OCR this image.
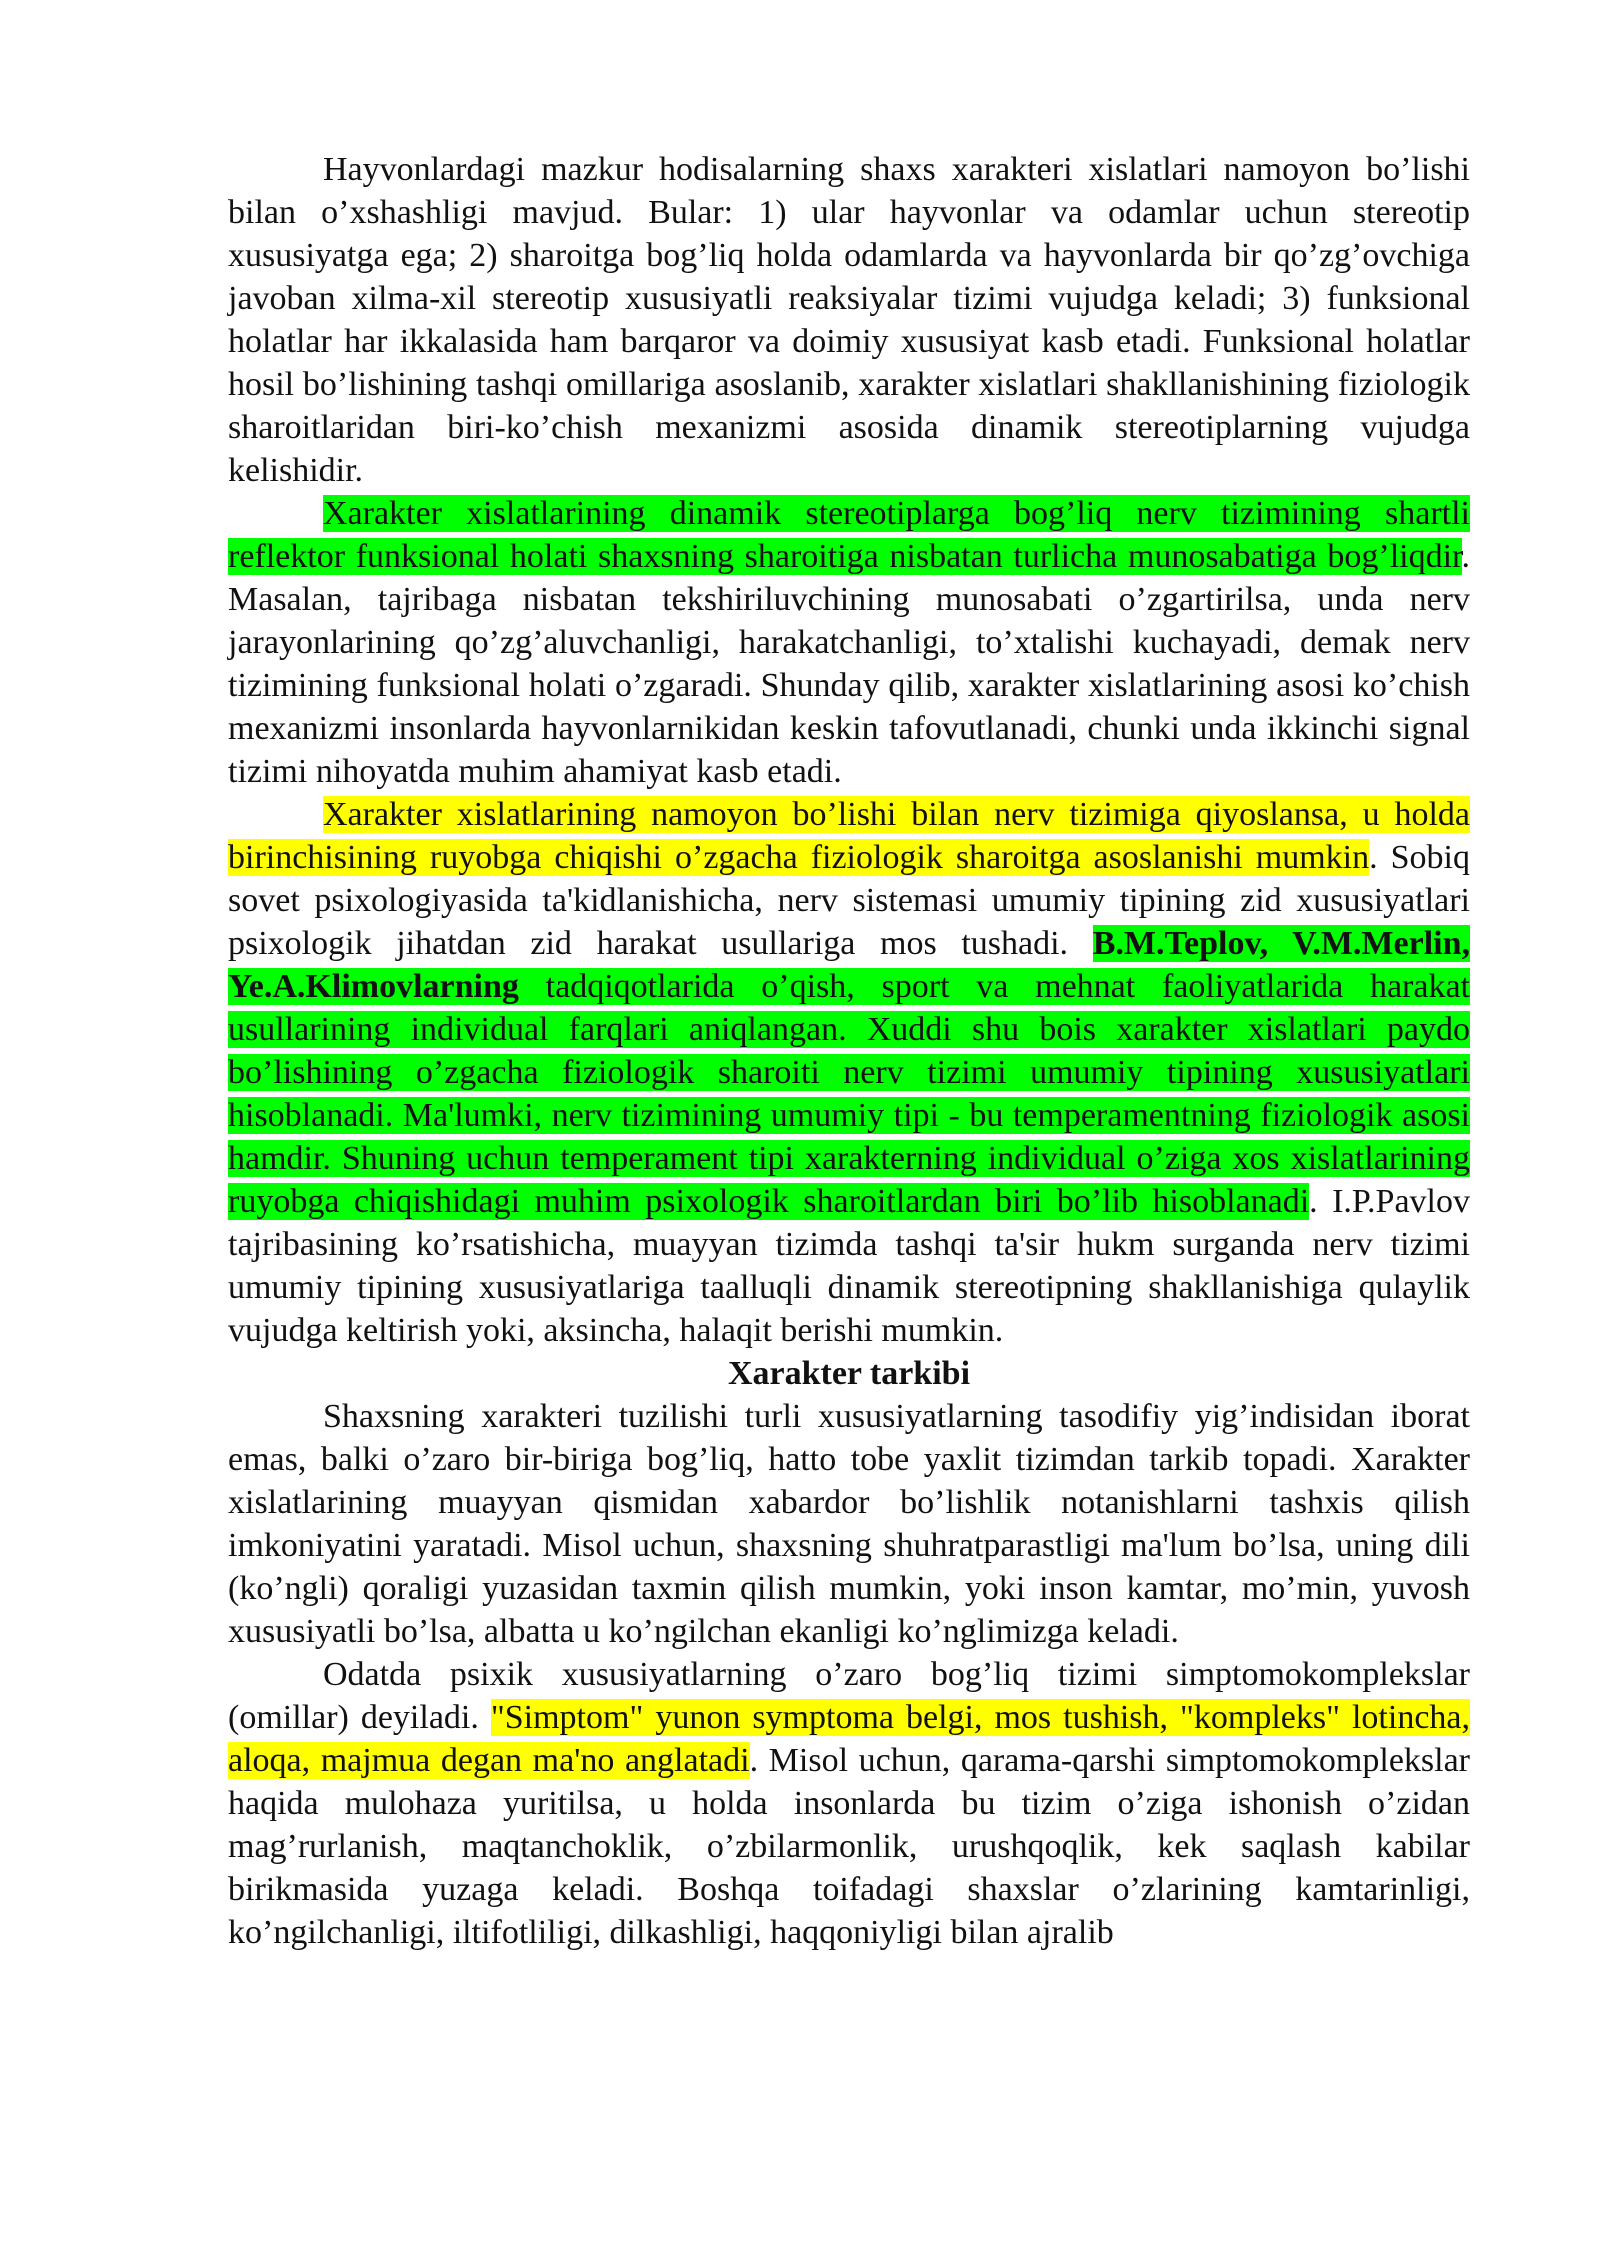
Hayvonlardagi mazkur hodisalarning shaxs xarakteri xislatlari namoyon bo’lishi bilan o’xshashligi mavjud. Bular: 1) ular hayvonlar va odamlar uchun stereotip xususiyatga ega; 2) sharoitga bog’liq holda odamlarda va hayvonlarda bir qo’zg’ovchiga javoban xilma-xil stereotip xususiyatli reaksiyalar tizimi vujudga keladi; 3) funksional holatlar har ikkalasida ham barqaror va doimiy xususiyat kasb etadi. Funksional holatlar hosil bo’lishining tashqi omillariga asoslanib, xarakter xislatlari shakllanishining fiziologik sharoitlaridan biri-ko’chish mexanizmi asosida dinamik stereotiplarning vujudga kelishidir.

Xarakter xislatlarining dinamik stereotiplarga bog’liq nerv tizimining shartli reflektor funksional holati shaxsning sharoitiga nisbatan turlicha munosabatiga bog’liqdir. Masalan, tajribaga nisbatan tekshiriluvchining munosabati o’zgartirilsa, unda nerv jarayonlarining qo’zg’aluvchanligi, harakatchanligi, to’xtalishi kuchayadi, demak nerv tizimining funksional holati o’zgaradi. Shunday qilib, xarakter xislatlarining asosi ko’chish mexanizmi insonlarda hayvonlarnikidan keskin tafovutlanadi, chunki unda ikkinchi signal tizimi nihoyatda muhim ahamiyat kasb etadi.

Xarakter xislatlarining namoyon bo’lishi bilan nerv tizimiga qiyoslansa, u holda birinchisining ruyobga chiqishi o’zgacha fiziologik sharoitga asoslanishi mumkin. Sobiq sovet psixologiyasida ta'kidlanishicha, nerv sistemasi umumiy tipining zid xususiyatlari psixologik jihatdan zid harakat usullariga mos tushadi. B.M.Teplov, V.M.Merlin, Ye.A.Klimovlarning tadqiqotlarida o’qish, sport va mehnat faoliyatlarida harakat usullarining individual farqlari aniqlangan. Xuddi shu bois xarakter xislatlari paydo bo’lishining o’zgacha fiziologik sharoiti nerv tizimi umumiy tipining xususiyatlari hisoblanadi. Ma'lumki, nerv tizimining umumiy tipi - bu temperamentning fiziologik asosi hamdir. Shuning uchun temperament tipi xarakterning individual o’ziga xos xislatlarining ruyobga chiqishidagi muhim psixologik sharoitlardan biri bo’lib hisoblanadi. I.P.Pavlov tajribasining ko’rsatishicha, muayyan tizimda tashqi ta'sir hukm surganda nerv tizimi umumiy tipining xususiyatlariga taalluqli dinamik stereotipning shakllanishiga qulaylik vujudga keltirish yoki, aksincha, halaqit berishi mumkin.

Xarakter tarkibi

Shaxsning xarakteri tuzilishi turli xususiyatlarning tasodifiy yig’indisidan iborat emas, balki o’zaro bir-biriga bog’liq, hatto tobe yaxlit tizimdan tarkib topadi. Xarakter xislatlarining muayyan qismidan xabardor bo’lishlik notanishlarni tashxis qilish imkoniyatini yaratadi. Misol uchun, shaxsning shuhratparastligi ma'lum bo’lsa, uning dili (ko’ngli) qoraligi yuzasidan taxmin qilish mumkin, yoki inson kamtar, mo’min, yuvosh xususiyatli bo’lsa, albatta u ko’ngilchan ekanligi ko’nglimizga keladi.

Odatda psixik xususiyatlarning o’zaro bog’liq tizimi simptomokomplekslar (omillar) deyiladi. "Simptom" yunon symptoma belgi, mos tushish, "kompleks" lotincha, aloqa, majmua degan ma'no anglatadi. Misol uchun, qarama-qarshi simptomokomplekslar haqida mulohaza yuritilsa, u holda insonlarda bu tizim o’ziga ishonish o’zidan mag’rurlanish, maqtanchoklik, o’zbilarmonlik, urushqoqlik, kek saqlash kabilar birikmasida yuzaga keladi. Boshqa toifadagi shaxslar o’zlarining kamtarinligi, ko’ngilchanligi, iltifotliligi, dilkashligi, haqqoniyligi bilan ajralib
